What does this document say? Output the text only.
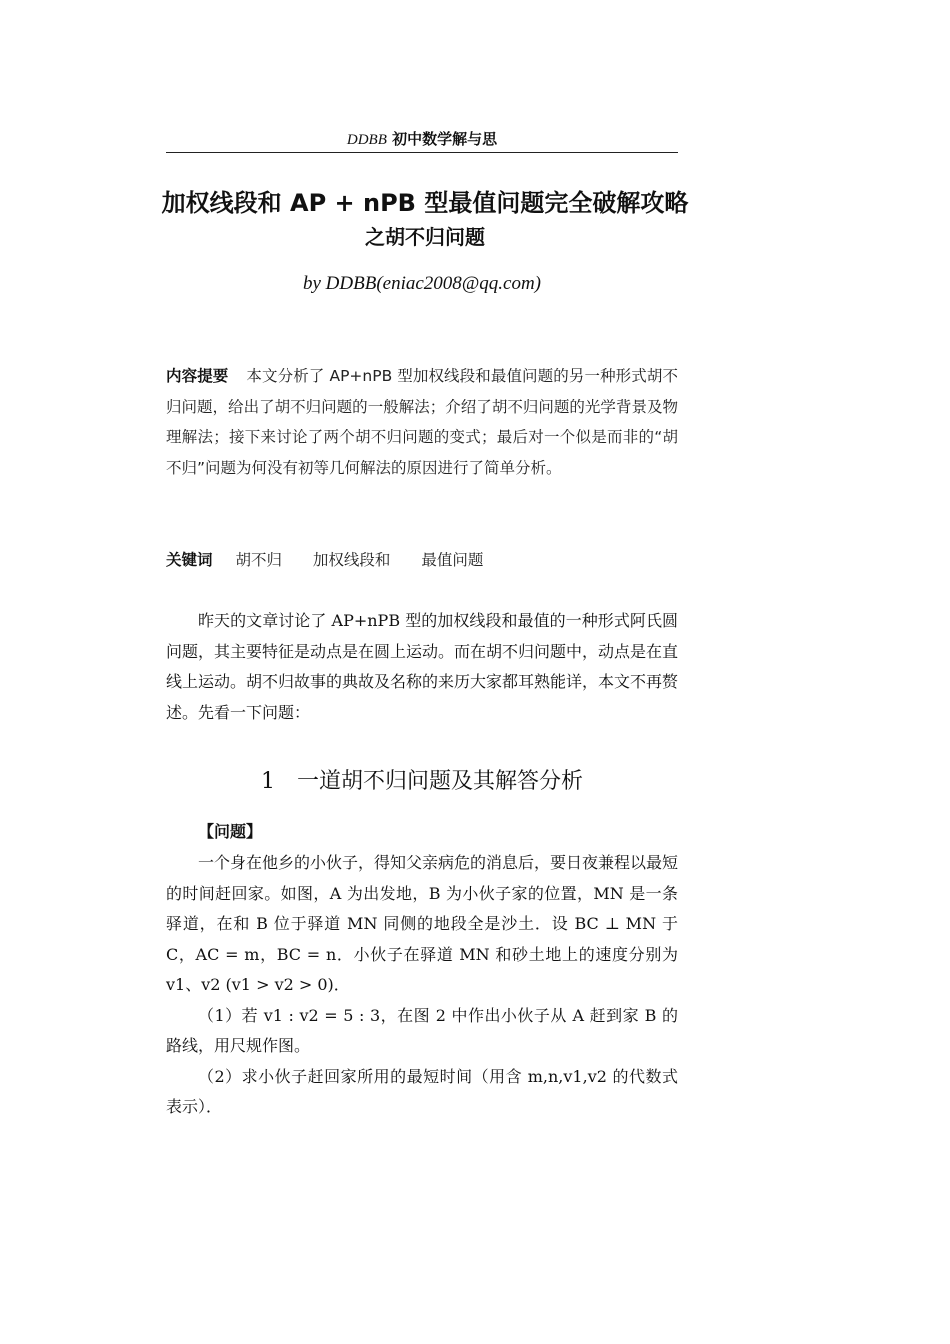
DDBB 初中数学解与思
加权线段和 AP + nPB 型最值问题完全破解攻略
之胡不归问题
by DDBB(eniac2008@qq.com)
内容提要 本文分析了 AP+nPB 型加权线段和最值问题的另一种形式胡不归问题，给出了胡不归问题的一般解法；介绍了胡不归问题的光学背景及物理解法；接下来讨论了两个胡不归问题的变式；最后对一个似是而非的“胡不归”问题为何没有初等几何解法的原因进行了简单分析。
关键词 胡不归 加权线段和 最值问题
昨天的文章讨论了 AP+nPB 型的加权线段和最值的一种形式阿氏圆问题，其主要特征是动点是在圆上运动。而在胡不归问题中，动点是在直线上运动。胡不归故事的典故及名称的来历大家都耳熟能详，本文不再赘述。先看一下问题：
1 一道胡不归问题及其解答分析
【问题】

一个身在他乡的小伙子，得知父亲病危的消息后，要日夜兼程以最短的时间赶回家。如图，A 为出发地，B 为小伙子家的位置，MN 是一条驿道，在和 B 位于驿道 MN 同侧的地段全是沙土．设 BC ⊥ MN 于 C，AC = m，BC = n．小伙子在驿道 MN 和砂土地上的速度分别为 v1、v2 (v1 > v2 > 0)．

（1）若 v1 : v2 = 5 : 3，在图 2 中作出小伙子从 A 赶到家 B 的路线，用尺规作图。

（2）求小伙子赶回家所用的最短时间（用含 m,n,v1,v2 的代数式表示）．
